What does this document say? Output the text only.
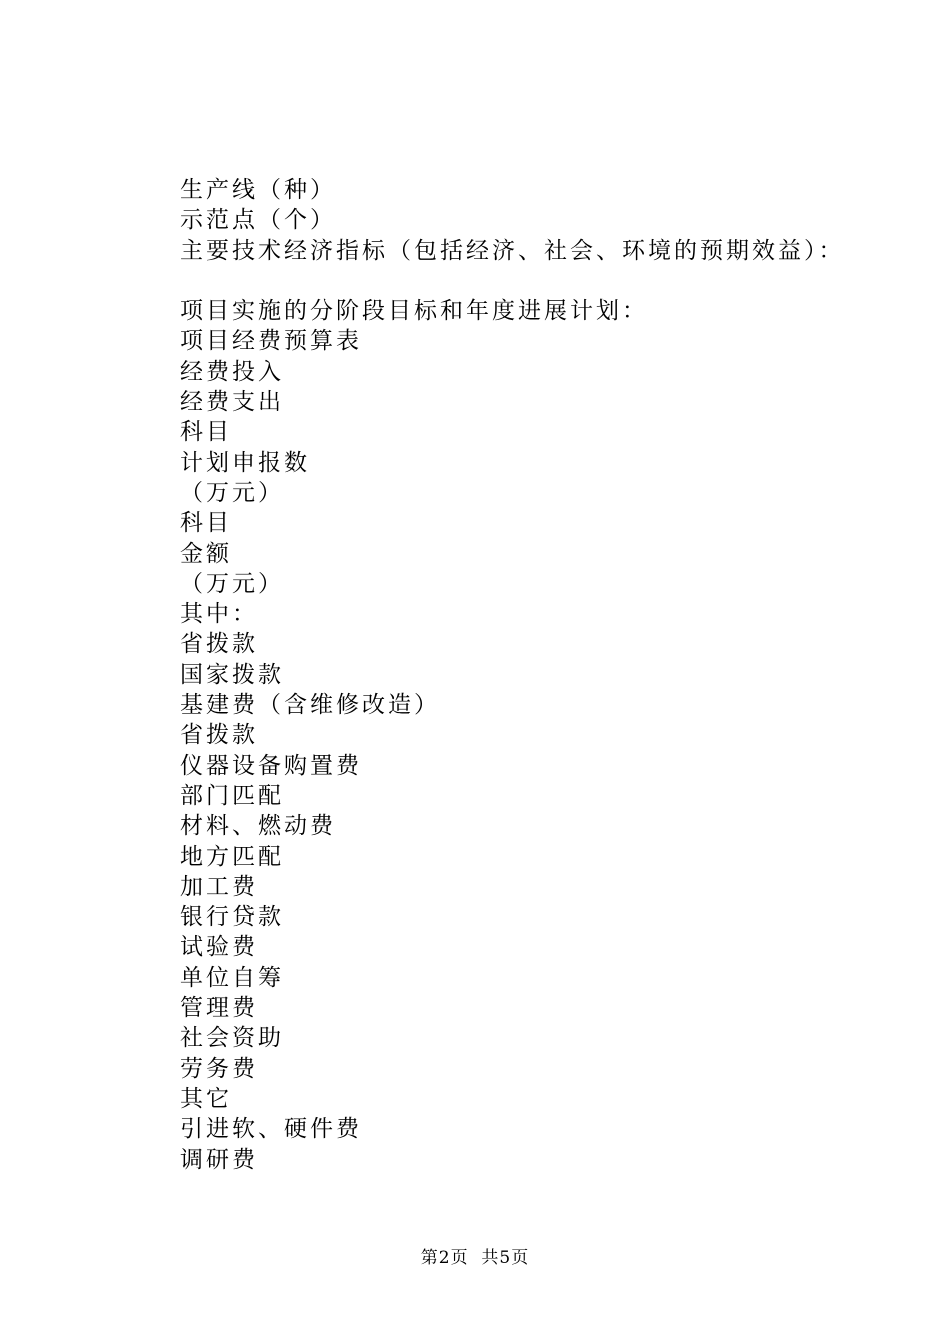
生产线（种）
示范点（个）
主要技术经济指标（包括经济、社会、环境的预期效益）：
项目实施的分阶段目标和年度进展计划：
项目经费预算表
经费投入
经费支出
科目
计划申报数
（万元）
科目
金额
（万元）
其中：
省拨款
国家拨款
基建费（含维修改造）
省拨款
仪器设备购置费
部门匹配
材料、燃动费
地方匹配
加工费
银行贷款
试验费
单位自筹
管理费
社会资助
劳务费
其它
引进软、硬件费
调研费
第2页  共5页
